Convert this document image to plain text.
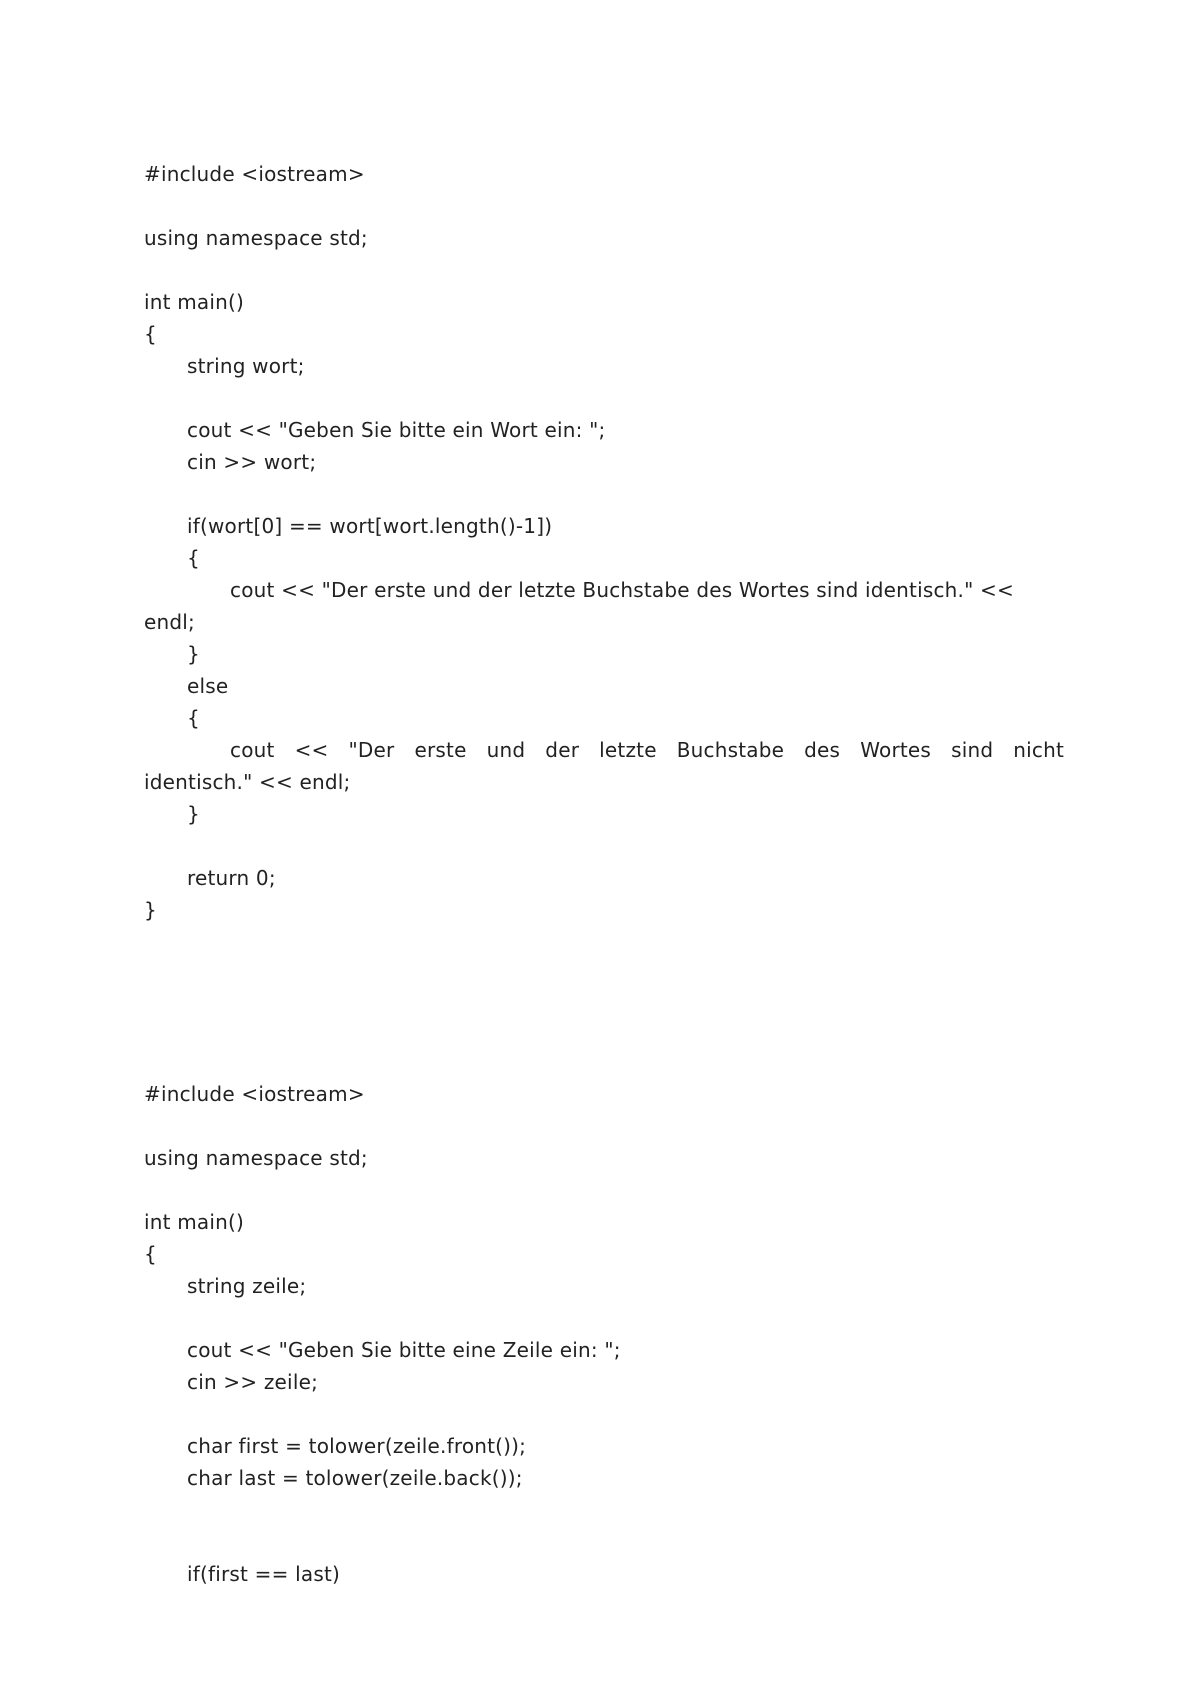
#include <iostream>
using namespace std;
int main()
{
string wort;
cout << "Geben Sie bitte ein Wort ein: ";
cin >> wort;
if(wort[0] == wort[wort.length()-1])
{
cout << "Der erste und der letzte Buchstabe des Wortes sind identisch." <<
endl;
}
else
{
cout << "Der erste und der letzte Buchstabe des Wortes sind nicht
identisch." << endl;
}
return 0;
}
#include <iostream>
using namespace std;
int main()
{
string zeile;
cout << "Geben Sie bitte eine Zeile ein: ";
cin >> zeile;
char first = tolower(zeile.front());
char last = tolower(zeile.back());
if(first == last)
